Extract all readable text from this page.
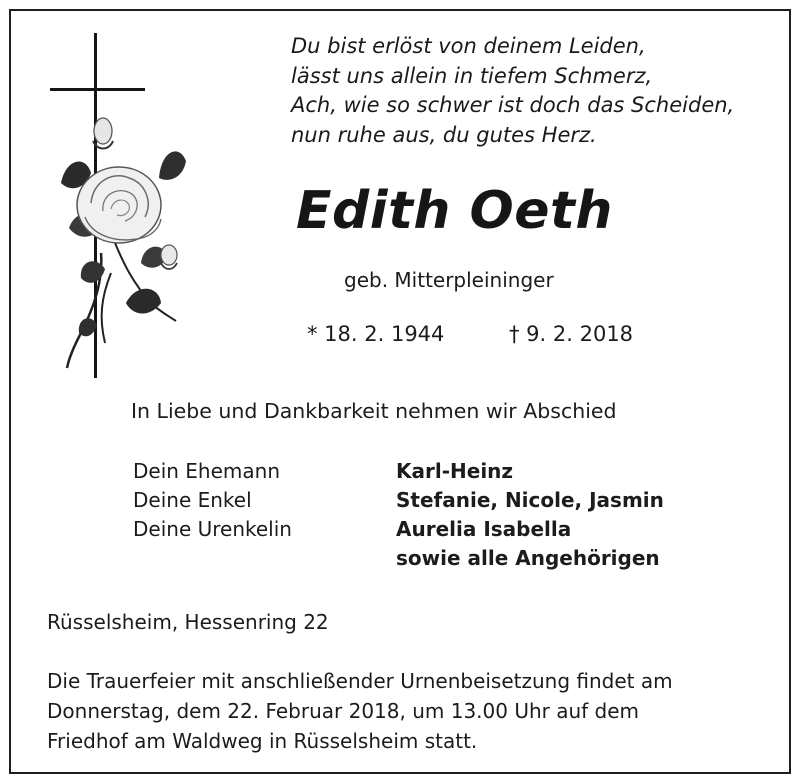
Du bist erlöst von deinem Leiden,
lässt uns allein in tiefem Schmerz,
Ach, wie so schwer ist doch das Scheiden,
nun ruhe aus, du gutes Herz.

Edith Oeth
geb. Mitterpleininger
* 18. 2. 1944	† 9. 2. 2018
In Liebe und Dankbarkeit nehmen wir Abschied
Dein Ehemann
Deine Enkel
Deine Urenkelin
Karl-Heinz
Stefanie, Nicole, Jasmin
Aurelia Isabella
sowie alle Angehörigen
Rüsselsheim, Hessenring 22

Die Trauerfeier mit anschließender Urnenbeisetzung findet am
Donnerstag, dem 22. Februar 2018, um 13.00 Uhr auf dem
Friedhof am Waldweg in Rüsselsheim statt.
